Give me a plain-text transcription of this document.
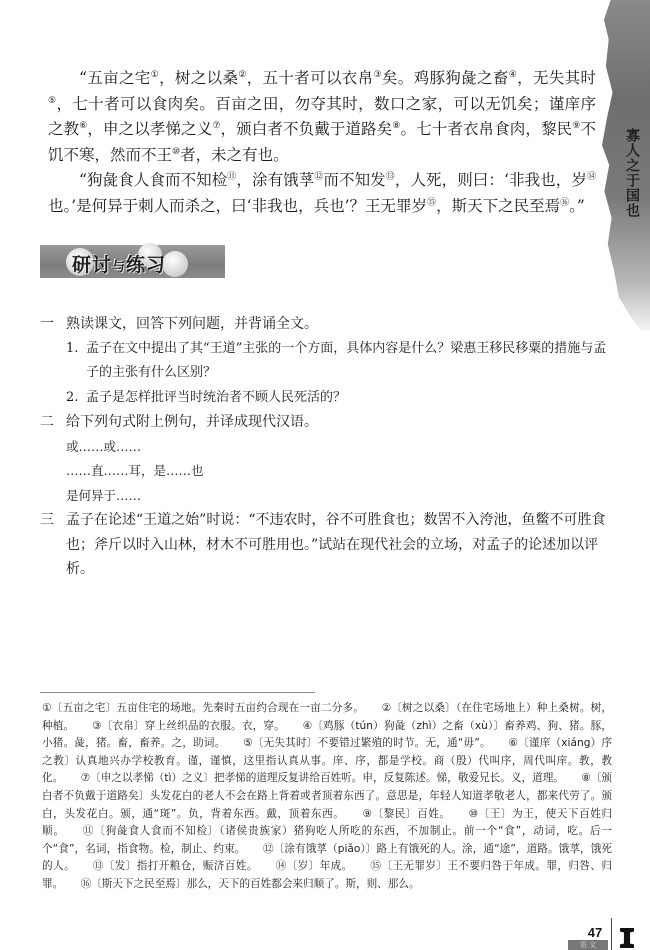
寡人之于国也

“五亩之宅①，树之以桑②，五十者可以衣帛③矣。鸡豚狗彘之畜④，无失其时⑤，七十者可以食肉矣。百亩之田，勿夺其时，数口之家，可以无饥矣；谨庠序之教⑥，申之以孝悌之义⑦，颁白者不负戴于道路矣⑧。七十者衣帛食肉，黎民⑨不饥不寒，然而不王⑩者，未之有也。

“狗彘食人食而不知检⑪，涂有饿莩⑫而不知发⑬，人死，则曰：‘非我也，岁⑭也。’是何异于刺人而杀之，曰‘非我也，兵也’？王无罪岁⑮，斯天下之民至焉⑯。”

研讨与练习
一 熟读课文，回答下列问题，并背诵全文。
1. 孟子在文中提出了其“王道”主张的一个方面，具体内容是什么？梁惠王移民移粟的措施与孟
子的主张有什么区别？
2. 孟子是怎样批评当时统治者不顾人民死活的？
二 给下列句式附上例句，并译成现代汉语。
或……或……
……直……耳，是……也
是何异于……
三 孟子在论述“王道之始”时说：“不违农时，谷不可胜食也；数罟不入洿池，鱼鳖不可胜食也；斧斤以时入山林，材木不可胜用也。”试站在现代社会的立场，对孟子的论述加以评析。
①〔五亩之宅〕五亩住宅的场地。先秦时五亩约合现在一亩二分多。 ②〔树之以桑〕（在住宅场地上）种上桑树。树，种植。 ③〔衣帛〕穿上丝织品的衣服。衣，穿。 ④〔鸡豚（tún）狗彘（zhì）之畜（xù）〕畜养鸡、狗、猪。豚，小猪。彘，猪。畜，畜养。之，助词。 ⑤〔无失其时〕不要错过繁殖的时节。无，通“毋”。 ⑥〔谨庠（xiáng）序之教〕认真地兴办学校教育。谨，谨慎，这里指认真从事。庠、序，都是学校。商（殷）代叫序，周代叫庠。教，教化。 ⑦〔申之以孝悌（tì）之义〕把孝悌的道理反复讲给百姓听。申，反复陈述。悌，敬爱兄长。义，道理。 ⑧〔颁白者不负戴于道路矣〕头发花白的老人不会在路上背着或者顶着东西了。意思是，年轻人知道孝敬老人，都来代劳了。颁白，头发花白。颁，通“斑”。负，背着东西。戴，顶着东西。 ⑨〔黎民〕百姓。 ⑩〔王〕为王，使天下百姓归顺。 ⑪〔狗彘食人食而不知检〕（诸侯贵族家）猪狗吃人所吃的东西，不加制止。前一个“食”，动词，吃。后一个“食”，名词，指食物。检，制止、约束。 ⑫〔涂有饿莩（piǎo）〕路上有饿死的人。涂，通“途”，道路。饿莩，饿死的人。 ⑬〔发〕指打开粮仓，赈济百姓。 ⑭〔岁〕年成。 ⑮〔王无罪岁〕王不要归咎于年成。罪，归咎、归罪。 ⑯〔斯天下之民至焉〕那么，天下的百姓都会来归顺了。斯，则、那么。
47
语 文
